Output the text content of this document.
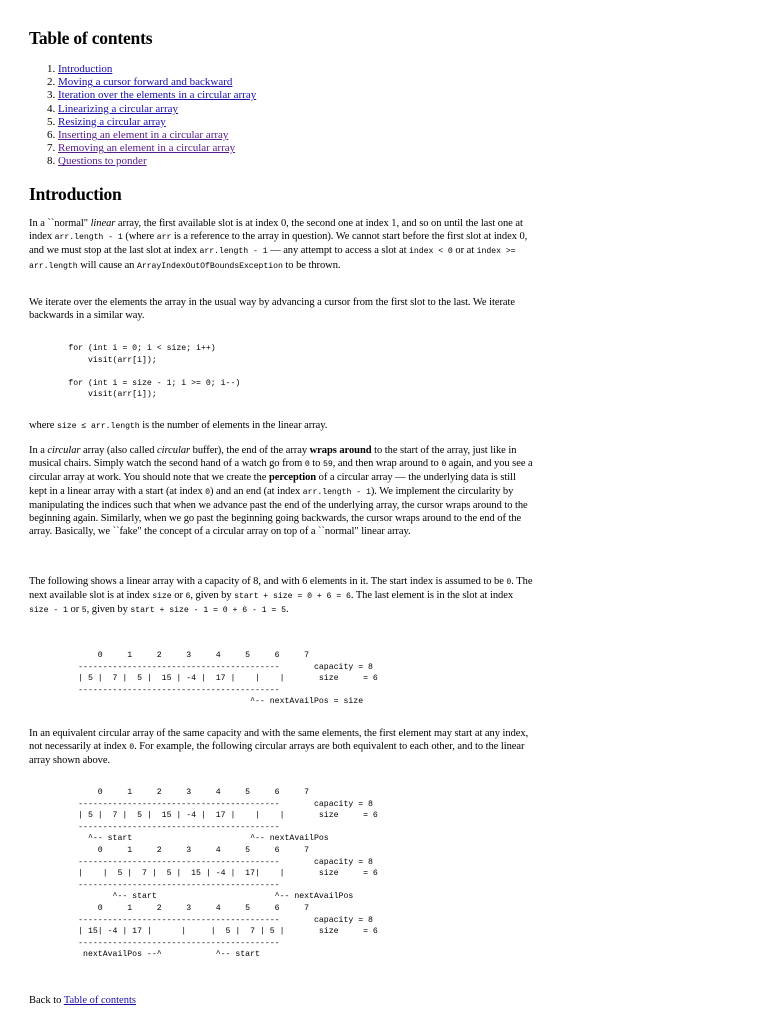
Table of contents
1. Introduction
2. Moving a cursor forward and backward
3. Iteration over the elements in a circular array
4. Linearizing a circular array
5. Resizing a circular array
6. Inserting an element in a circular array
7. Removing an element in a circular array
8. Questions to ponder
Introduction

In a ``normal" linear array, the first available slot is at index 0, the second one at index 1, and so on until the last one at index arr.length - 1 (where arr is a reference to the array in question). We cannot start before the first slot at index 0, and we must stop at the last slot at index arr.length - 1 — any attempt to access a slot at index < 0 or at index >= arr.length will cause an ArrayIndexOutOfBoundsException to be thrown.

We iterate over the elements the array in the usual way by advancing a cursor from the first slot to the last. We iterate backwards in a similar way.

for (int i = 0; i < size; i++)
visit(arr[i]);

for (int i = size - 1; i >= 0; i--)
visit(arr[i]);

where size ≤ arr.length is the number of elements in the linear array.

In a circular array (also called circular buffer), the end of the array wraps around to the start of the array, just like in musical chairs. Simply watch the second hand of a watch go from 0 to 59, and then wrap around to 0 again, and you see a circular array at work. You should note that we create the perception of a circular array — the underlying data is still kept in a linear array with a start (at index 0) and an end (at index arr.length - 1). We implement the circularity by manipulating the indices such that when we advance past the end of the underlying array, the cursor wraps around to the beginning again. Similarly, when we go past the beginning going backwards, the cursor wraps around to the end of the array. Basically, we ``fake" the concept of a circular array on top of a ``normal" linear array.

The following shows a linear array with a capacity of 8, and with 6 elements in it. The start index is assumed to be 0. The next available slot is at index size or 6, given by start + size = 0 + 6 = 6. The last element is in the slot at index size - 1 or 5, given by start + size - 1 = 0 + 6 - 1 = 5.

0     1     2     3     4     5     6     7
-----------------------------------------       capacity = 8
| 5 |  7 |  5 |  15 | -4 |  17 |    |    |       size     = 6
-----------------------------------------
^-- nextAvailPos = size

In an equivalent circular array of the same capacity and with the same elements, the first element may start at any index, not necessarily at index 0. For example, the following circular arrays are both equivalent to each other, and to the linear array shown above.

0     1     2     3     4     5     6     7
-----------------------------------------       capacity = 8
| 5 |  7 |  5 |  15 | -4 |  17 |    |    |       size     = 6
-----------------------------------------
^-- start                        ^-- nextAvailPos
0     1     2     3     4     5     6     7
-----------------------------------------       capacity = 8
|    |  5 |  7 |  5 |  15 | -4 |  17|    |       size     = 6
-----------------------------------------
^-- start                        ^-- nextAvailPos
0     1     2     3     4     5     6     7
-----------------------------------------       capacity = 8
| 15| -4 | 17 |      |     |  5 |  7 | 5 |       size     = 6
-----------------------------------------
nextAvailPos --^           ^-- start
Back to Table of contents
